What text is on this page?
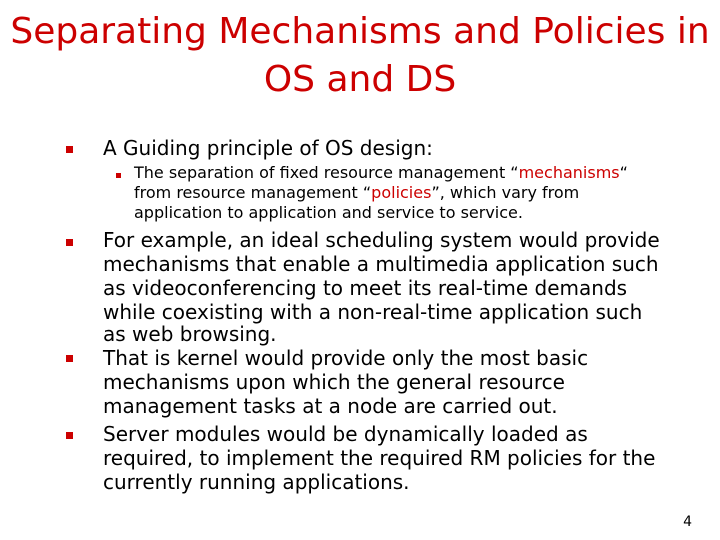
Separating Mechanisms and Policies in
OS and DS
A Guiding principle of OS design:
The separation of fixed resource management “mechanisms“
from resource management “policies”, which vary from
application to application and service to service.
For example, an ideal scheduling system would provide
mechanisms that enable a multimedia application such
as videoconferencing to meet its real-time demands
while coexisting with a non-real-time application such
as web browsing.
That is kernel would provide only the most basic
mechanisms upon which the general resource
management tasks at a node are carried out.
Server modules would be dynamically loaded as
required, to implement the required RM policies for the
currently running applications.
4
